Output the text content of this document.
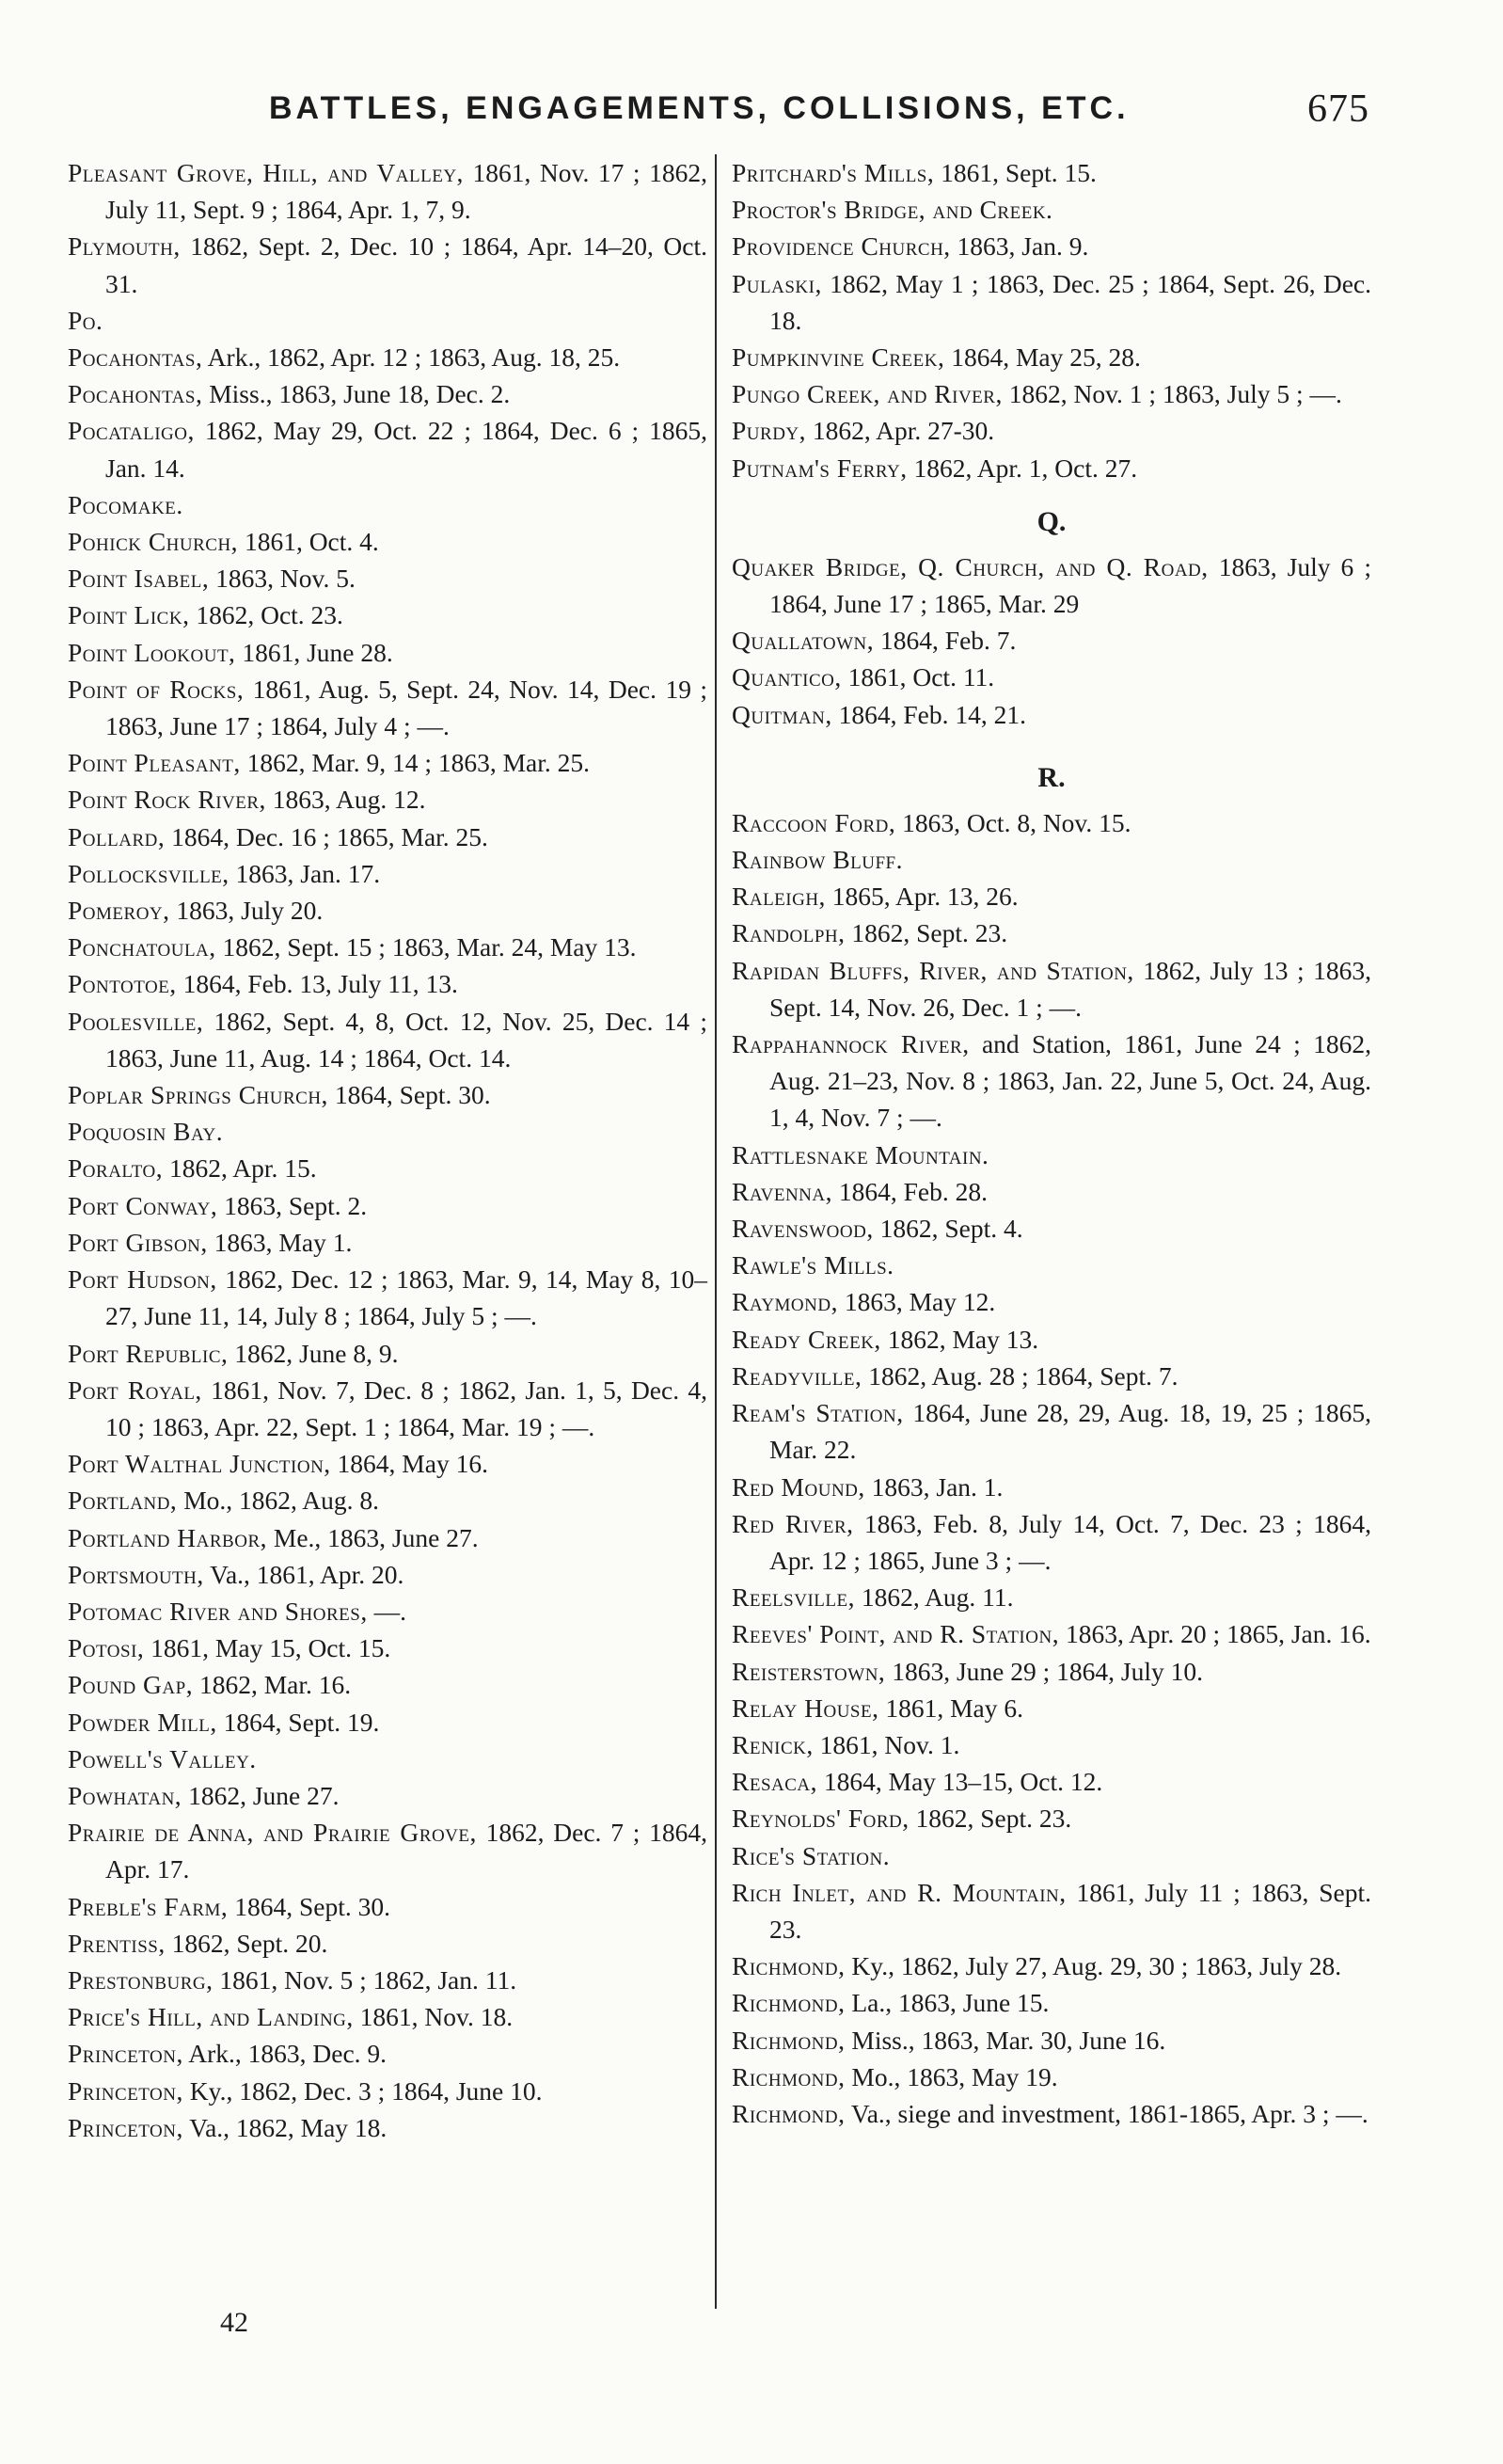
BATTLES, ENGAGEMENTS, COLLISIONS, ETC.	675

Pleasant Grove, Hill, and Valley, 1861, Nov. 17 ; 1862, July 11, Sept. 9 ; 1864, Apr. 1, 7, 9.

Plymouth, 1862, Sept. 2, Dec. 10 ; 1864, Apr. 14–20, Oct. 31.

Po.

Pocahontas, Ark., 1862, Apr. 12 ; 1863, Aug. 18, 25.

Pocahontas, Miss., 1863, June 18, Dec. 2.

Pocataligo, 1862, May 29, Oct. 22 ; 1864, Dec. 6 ; 1865, Jan. 14.

Pocomake.

Pohick Church, 1861, Oct. 4.

Point Isabel, 1863, Nov. 5.

Point Lick, 1862, Oct. 23.

Point Lookout, 1861, June 28.

Point of Rocks, 1861, Aug. 5, Sept. 24, Nov. 14, Dec. 19 ; 1863, June 17 ; 1864, July 4 ; —.

Point Pleasant, 1862, Mar. 9, 14 ; 1863, Mar. 25.

Point Rock River, 1863, Aug. 12.

Pollard, 1864, Dec. 16 ; 1865, Mar. 25.

Pollocksville, 1863, Jan. 17.

Pomeroy, 1863, July 20.

Ponchatoula, 1862, Sept. 15 ; 1863, Mar. 24, May 13.

Pontotoe, 1864, Feb. 13, July 11, 13.

Poolesville, 1862, Sept. 4, 8, Oct. 12, Nov. 25, Dec. 14 ; 1863, June 11, Aug. 14 ; 1864, Oct. 14.

Poplar Springs Church, 1864, Sept. 30.

Poquosin Bay.

Poralto, 1862, Apr. 15.

Port Conway, 1863, Sept. 2.

Port Gibson, 1863, May 1.

Port Hudson, 1862, Dec. 12 ; 1863, Mar. 9, 14, May 8, 10–27, June 11, 14, July 8 ; 1864, July 5 ; —.

Port Republic, 1862, June 8, 9.

Port Royal, 1861, Nov. 7, Dec. 8 ; 1862, Jan. 1, 5, Dec. 4, 10 ; 1863, Apr. 22, Sept. 1 ; 1864, Mar. 19 ; —.

Port Walthal Junction, 1864, May 16.

Portland, Mo., 1862, Aug. 8.

Portland Harbor, Me., 1863, June 27.

Portsmouth, Va., 1861, Apr. 20.

Potomac River and Shores, —.

Potosi, 1861, May 15, Oct. 15.

Pound Gap, 1862, Mar. 16.

Powder Mill, 1864, Sept. 19.

Powell's Valley.

Powhatan, 1862, June 27.

Prairie de Anna, and Prairie Grove, 1862, Dec. 7 ; 1864, Apr. 17.

Preble's Farm, 1864, Sept. 30.

Prentiss, 1862, Sept. 20.

Prestonburg, 1861, Nov. 5 ; 1862, Jan. 11.

Price's Hill, and Landing, 1861, Nov. 18.

Princeton, Ark., 1863, Dec. 9.

Princeton, Ky., 1862, Dec. 3 ; 1864, June 10.

Princeton, Va., 1862, May 18.

Pritchard's Mills, 1861, Sept. 15.

Proctor's Bridge, and Creek.

Providence Church, 1863, Jan. 9.

Pulaski, 1862, May 1 ; 1863, Dec. 25 ; 1864, Sept. 26, Dec. 18.

Pumpkinvine Creek, 1864, May 25, 28.

Pungo Creek, and River, 1862, Nov. 1 ; 1863, July 5 ; —.

Purdy, 1862, Apr. 27-30.

Putnam's Ferry, 1862, Apr. 1, Oct. 27.

Q.

Quaker Bridge, Q. Church, and Q. Road, 1863, July 6 ; 1864, June 17 ; 1865, Mar. 29

Quallatown, 1864, Feb. 7.

Quantico, 1861, Oct. 11.

Quitman, 1864, Feb. 14, 21.

R.

Raccoon Ford, 1863, Oct. 8, Nov. 15.

Rainbow Bluff.

Raleigh, 1865, Apr. 13, 26.

Randolph, 1862, Sept. 23.

Rapidan Bluffs, River, and Station, 1862, July 13 ; 1863, Sept. 14, Nov. 26, Dec. 1 ; —.

Rappahannock River, and Station, 1861, June 24 ; 1862, Aug. 21–23, Nov. 8 ; 1863, Jan. 22, June 5, Oct. 24, Aug. 1, 4, Nov. 7 ; —.

Rattlesnake Mountain.

Ravenna, 1864, Feb. 28.

Ravenswood, 1862, Sept. 4.

Rawle's Mills.

Raymond, 1863, May 12.

Ready Creek, 1862, May 13.

Readyville, 1862, Aug. 28 ; 1864, Sept. 7.

Ream's Station, 1864, June 28, 29, Aug. 18, 19, 25 ; 1865, Mar. 22.

Red Mound, 1863, Jan. 1.

Red River, 1863, Feb. 8, July 14, Oct. 7, Dec. 23 ; 1864, Apr. 12 ; 1865, June 3 ; —.

Reelsville, 1862, Aug. 11.

Reeves' Point, and R. Station, 1863, Apr. 20 ; 1865, Jan. 16.

Reisterstown, 1863, June 29 ; 1864, July 10.

Relay House, 1861, May 6.

Renick, 1861, Nov. 1.

Resaca, 1864, May 13–15, Oct. 12.

Reynolds' Ford, 1862, Sept. 23.

Rice's Station.

Rich Inlet, and R. Mountain, 1861, July 11 ; 1863, Sept. 23.

Richmond, Ky., 1862, July 27, Aug. 29, 30 ; 1863, July 28.

Richmond, La., 1863, June 15.

Richmond, Miss., 1863, Mar. 30, June 16.

Richmond, Mo., 1863, May 19.

Richmond, Va., siege and investment, 1861-1865, Apr. 3 ; —.

42
